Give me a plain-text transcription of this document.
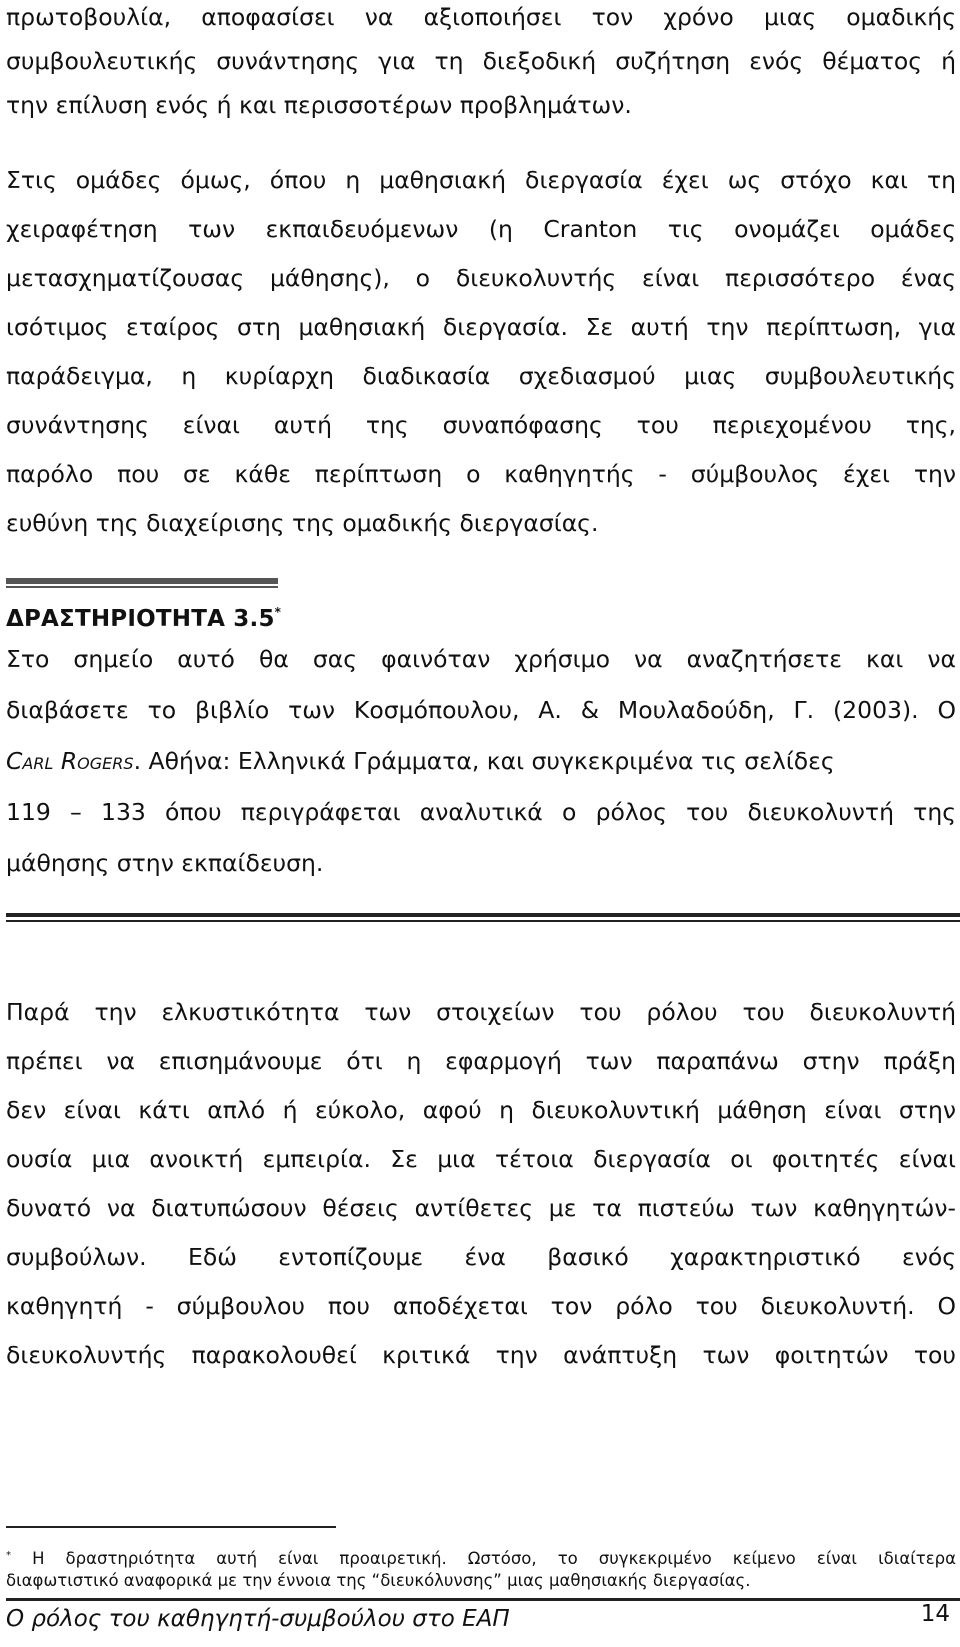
πρωτοβουλία, αποφασίσει να αξιοποιήσει τον χρόνο μιας ομαδικής
συμβουλευτικής συνάντησης για τη διεξοδική συζήτηση ενός θέματος ή
την επίλυση ενός ή και περισσοτέρων προβλημάτων.
Στις ομάδες όμως, όπου η μαθησιακή διεργασία έχει ως στόχο και τη
χειραφέτηση των εκπαιδευόμενων (η Cranton τις ονομάζει ομάδες
μετασχηματίζουσας μάθησης), ο διευκολυντής είναι περισσότερο ένας
ισότιμος εταίρος στη μαθησιακή διεργασία. Σε αυτή την περίπτωση, για
παράδειγμα, η κυρίαρχη διαδικασία σχεδιασμού μιας συμβουλευτικής
συνάντησης είναι αυτή της συναπόφασης του περιεχομένου της,
παρόλο που σε κάθε περίπτωση ο καθηγητής - σύμβουλος έχει την
ευθύνη της διαχείρισης της ομαδικής διεργασίας.
ΔΡΑΣΤΗΡΙΟΤΗΤΑ 3.5*
Στο σημείο αυτό θα σας φαινόταν χρήσιμο να αναζητήσετε και να
διαβάσετε το βιβλίο των Κοσμόπουλου, Α. & Μουλαδούδη, Γ. (2003). Ο
Carl Rogers. Αθήνα: Ελληνικά Γράμματα, και συγκεκριμένα τις σελίδες
119 – 133 όπου περιγράφεται αναλυτικά ο ρόλος του διευκολυντή της
μάθησης στην εκπαίδευση.
Παρά την ελκυστικότητα των στοιχείων του ρόλου του διευκολυντή
πρέπει να επισημάνουμε ότι η εφαρμογή των παραπάνω στην πράξη
δεν είναι κάτι απλό ή εύκολο, αφού η διευκολυντική μάθηση είναι στην
ουσία μια ανοικτή εμπειρία. Σε μια τέτοια διεργασία οι φοιτητές είναι
δυνατό να διατυπώσουν θέσεις αντίθετες με τα πιστεύω των καθηγητών-
συμβούλων. Εδώ εντοπίζουμε ένα βασικό χαρακτηριστικό ενός
καθηγητή - σύμβουλου που αποδέχεται τον ρόλο του διευκολυντή. Ο
διευκολυντής παρακολουθεί κριτικά την ανάπτυξη των φοιτητών του
* Η δραστηριότητα αυτή είναι προαιρετική. Ωστόσο, το συγκεκριμένο κείμενο είναι ιδιαίτερα
διαφωτιστικό αναφορικά με την έννοια της “διευκόλυνσης” μιας μαθησιακής διεργασίας.
Ο ρόλος του καθηγητή-συμβούλου στο ΕΑΠ	14
